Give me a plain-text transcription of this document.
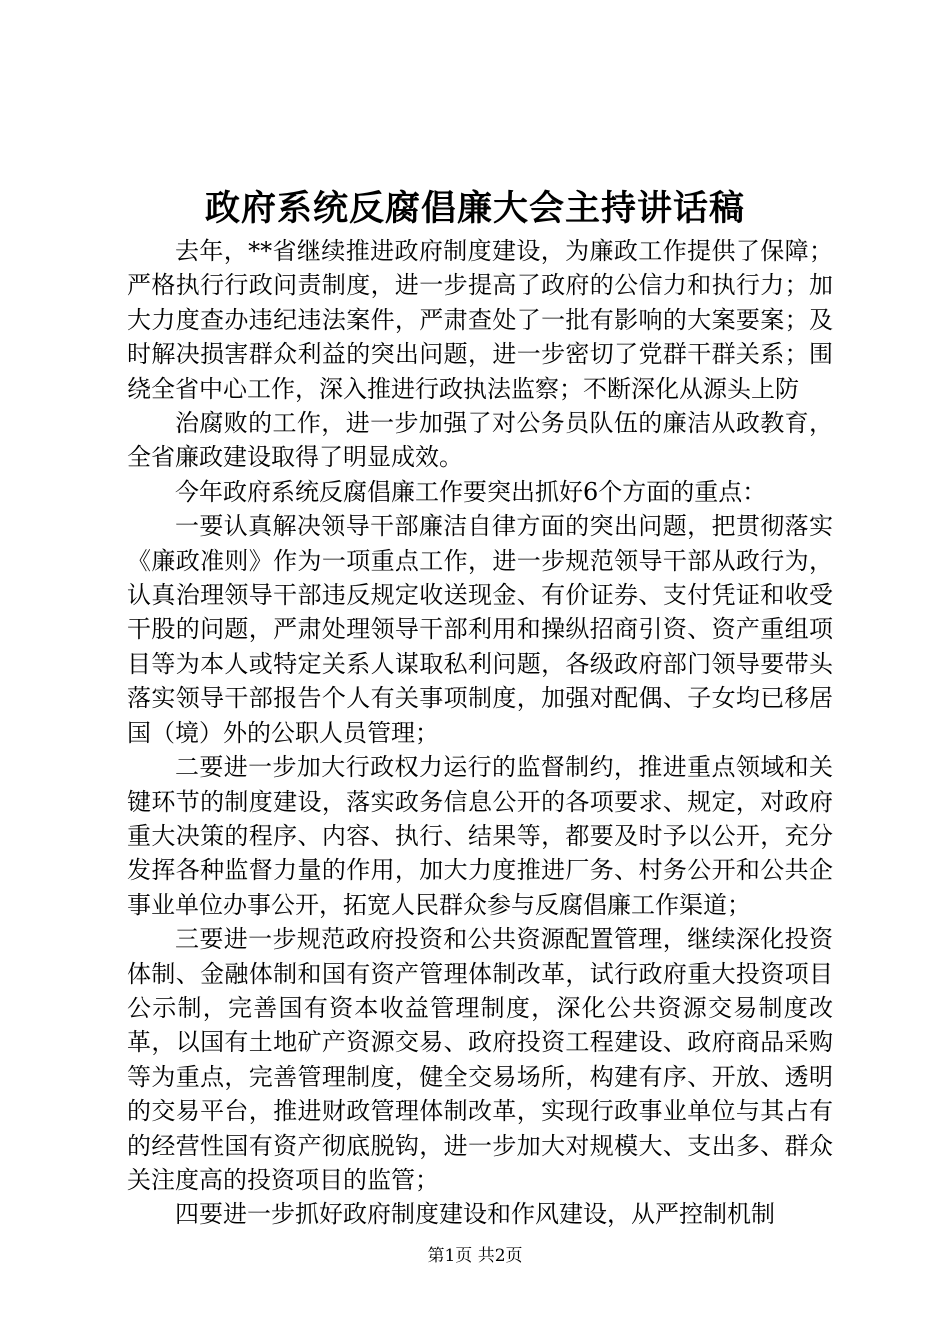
政府系统反腐倡廉大会主持讲话稿

去年，**省继续推进政府制度建设，为廉政工作提供了保障；严格执行行政问责制度，进一步提高了政府的公信力和执行力；加大力度查办违纪违法案件，严肃查处了一批有影响的大案要案；及时解决损害群众利益的突出问题，进一步密切了党群干群关系；围绕全省中心工作，深入推进行政执法监察；不断深化从源头上防

治腐败的工作，进一步加强了对公务员队伍的廉洁从政教育，全省廉政建设取得了明显成效。

今年政府系统反腐倡廉工作要突出抓好6个方面的重点：

一要认真解决领导干部廉洁自律方面的突出问题，把贯彻落实《廉政准则》作为一项重点工作，进一步规范领导干部从政行为，认真治理领导干部违反规定收送现金、有价证券、支付凭证和收受干股的问题，严肃处理领导干部利用和操纵招商引资、资产重组项目等为本人或特定关系人谋取私利问题，各级政府部门领导要带头落实领导干部报告个人有关事项制度，加强对配偶、子女均已移居国（境）外的公职人员管理；

二要进一步加大行政权力运行的监督制约，推进重点领域和关键环节的制度建设，落实政务信息公开的各项要求、规定，对政府重大决策的程序、内容、执行、结果等，都要及时予以公开，充分发挥各种监督力量的作用，加大力度推进厂务、村务公开和公共企事业单位办事公开，拓宽人民群众参与反腐倡廉工作渠道；

三要进一步规范政府投资和公共资源配置管理，继续深化投资体制、金融体制和国有资产管理体制改革，试行政府重大投资项目公示制，完善国有资本收益管理制度，深化公共资源交易制度改革，以国有土地矿产资源交易、政府投资工程建设、政府商品采购等为重点，完善管理制度，健全交易场所，构建有序、开放、透明的交易平台，推进财政管理体制改革，实现行政事业单位与其占有的经营性国有资产彻底脱钩，进一步加大对规模大、支出多、群众关注度高的投资项目的监管；

四要进一步抓好政府制度建设和作风建设，从严控制机制

第1页 共2页
